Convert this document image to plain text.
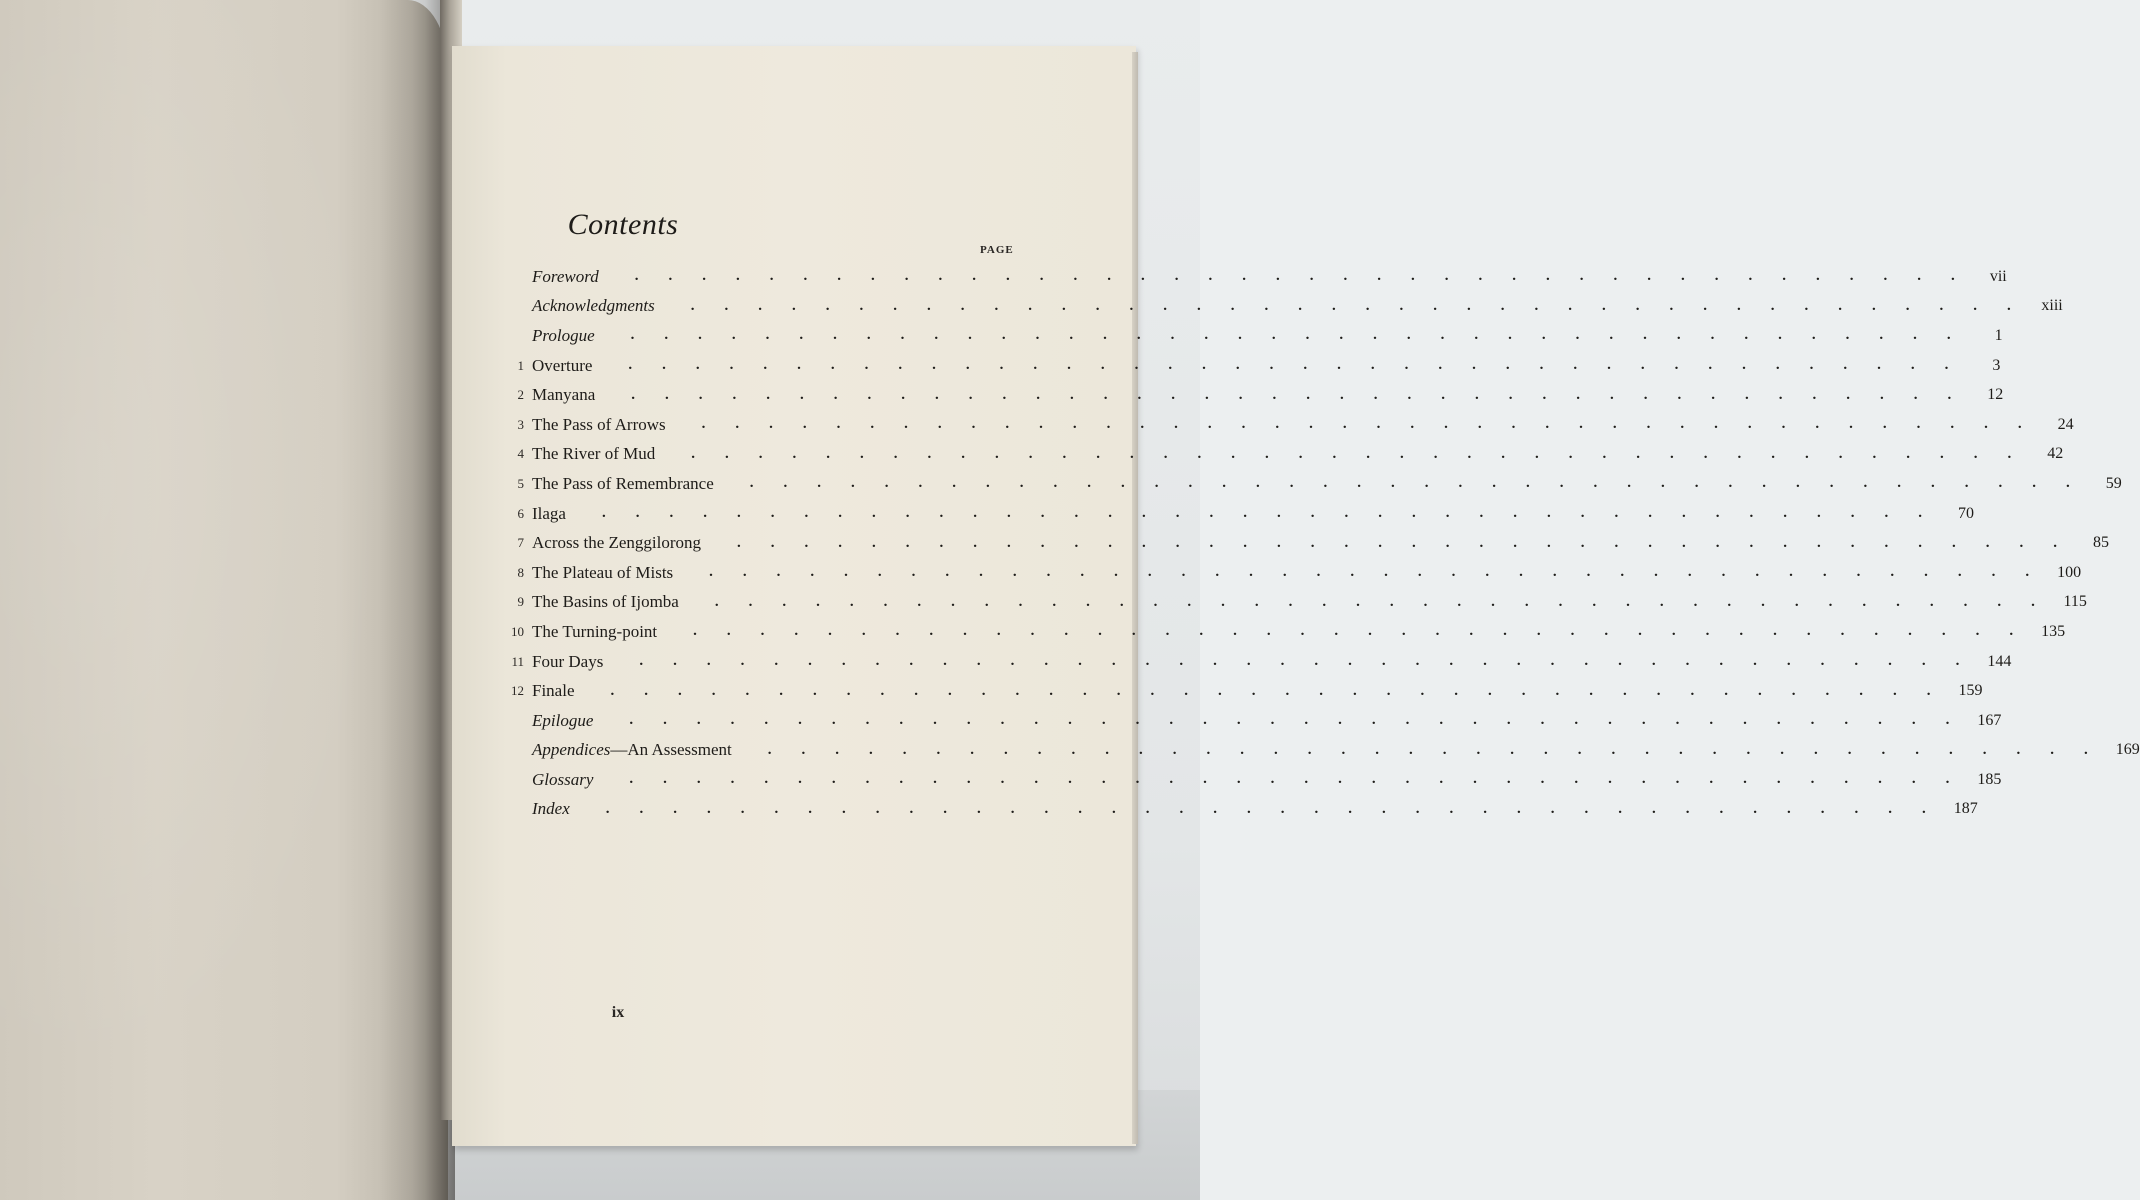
Contents
PAGE
Foreword .  .  .  .  .  .  .  .  .  .  .  .  .  .  .  .  .  .  .  .  .  .  .  .  .  .  .  .  .  .  .  .  .  .  .  .  .  .  .  .  	vii
Acknowledgments .  .  .  .  .  .  .  .  .  .  .  .  .  .  .  .  .  .  .  .  .  .  .  .  .  .  .  .  .  .  .  .  .  .  .  .  .  .  .  .  	xiii
Prologue .  .  .  .  .  .  .  .  .  .  .  .  .  .  .  .  .  .  .  .  .  .  .  .  .  .  .  .  .  .  .  .  .  .  .  .  .  .  .  .  	1
1 Overture .  .  .  .  .  .  .  .  .  .  .  .  .  .  .  .  .  .  .  .  .  .  .  .  .  .  .  .  .  .  .  .  .  .  .  .  .  .  .  .  	3
2 Manyana .  .  .  .  .  .  .  .  .  .  .  .  .  .  .  .  .  .  .  .  .  .  .  .  .  .  .  .  .  .  .  .  .  .  .  .  .  .  .  .  	12
3 The Pass of Arrows .  .  .  .  .  .  .  .  .  .  .  .  .  .  .  .  .  .  .  .  .  .  .  .  .  .  .  .  .  .  .  .  .  .  .  .  .  .  .  .  	24
4 The River of Mud .  .  .  .  .  .  .  .  .  .  .  .  .  .  .  .  .  .  .  .  .  .  .  .  .  .  .  .  .  .  .  .  .  .  .  .  .  .  .  .  	42
5 The Pass of Remembrance .  .  .  .  .  .  .  .  .  .  .  .  .  .  .  .  .  .  .  .  .  .  .  .  .  .  .  .  .  .  .  .  .  .  .  .  .  .  .  .  	59
6 Ilaga .  .  .  .  .  .  .  .  .  .  .  .  .  .  .  .  .  .  .  .  .  .  .  .  .  .  .  .  .  .  .  .  .  .  .  .  .  .  .  .  	70
7 Across the Zenggilorong .  .  .  .  .  .  .  .  .  .  .  .  .  .  .  .  .  .  .  .  .  .  .  .  .  .  .  .  .  .  .  .  .  .  .  .  .  .  .  .  	85
8 The Plateau of Mists .  .  .  .  .  .  .  .  .  .  .  .  .  .  .  .  .  .  .  .  .  .  .  .  .  .  .  .  .  .  .  .  .  .  .  .  .  .  .  .  	100
9 The Basins of Ijomba .  .  .  .  .  .  .  .  .  .  .  .  .  .  .  .  .  .  .  .  .  .  .  .  .  .  .  .  .  .  .  .  .  .  .  .  .  .  .  .  	115
10 The Turning-point .  .  .  .  .  .  .  .  .  .  .  .  .  .  .  .  .  .  .  .  .  .  .  .  .  .  .  .  .  .  .  .  .  .  .  .  .  .  .  .  	135
11 Four Days .  .  .  .  .  .  .  .  .  .  .  .  .  .  .  .  .  .  .  .  .  .  .  .  .  .  .  .  .  .  .  .  .  .  .  .  .  .  .  .  	144
12 Finale .  .  .  .  .  .  .  .  .  .  .  .  .  .  .  .  .  .  .  .  .  .  .  .  .  .  .  .  .  .  .  .  .  .  .  .  .  .  .  .  	159
Epilogue .  .  .  .  .  .  .  .  .  .  .  .  .  .  .  .  .  .  .  .  .  .  .  .  .  .  .  .  .  .  .  .  .  .  .  .  .  .  .  .  	167
Appendices—An Assessment .  .  .  .  .  .  .  .  .  .  .  .  .  .  .  .  .  .  .  .  .  .  .  .  .  .  .  .  .  .  .  .  .  .  .  .  .  .  .  .  	169
Glossary .  .  .  .  .  .  .  .  .  .  .  .  .  .  .  .  .  .  .  .  .  .  .  .  .  .  .  .  .  .  .  .  .  .  .  .  .  .  .  .  	185
Index .  .  .  .  .  .  .  .  .  .  .  .  .  .  .  .  .  .  .  .  .  .  .  .  .  .  .  .  .  .  .  .  .  .  .  .  .  .  .  .  	187
ix
